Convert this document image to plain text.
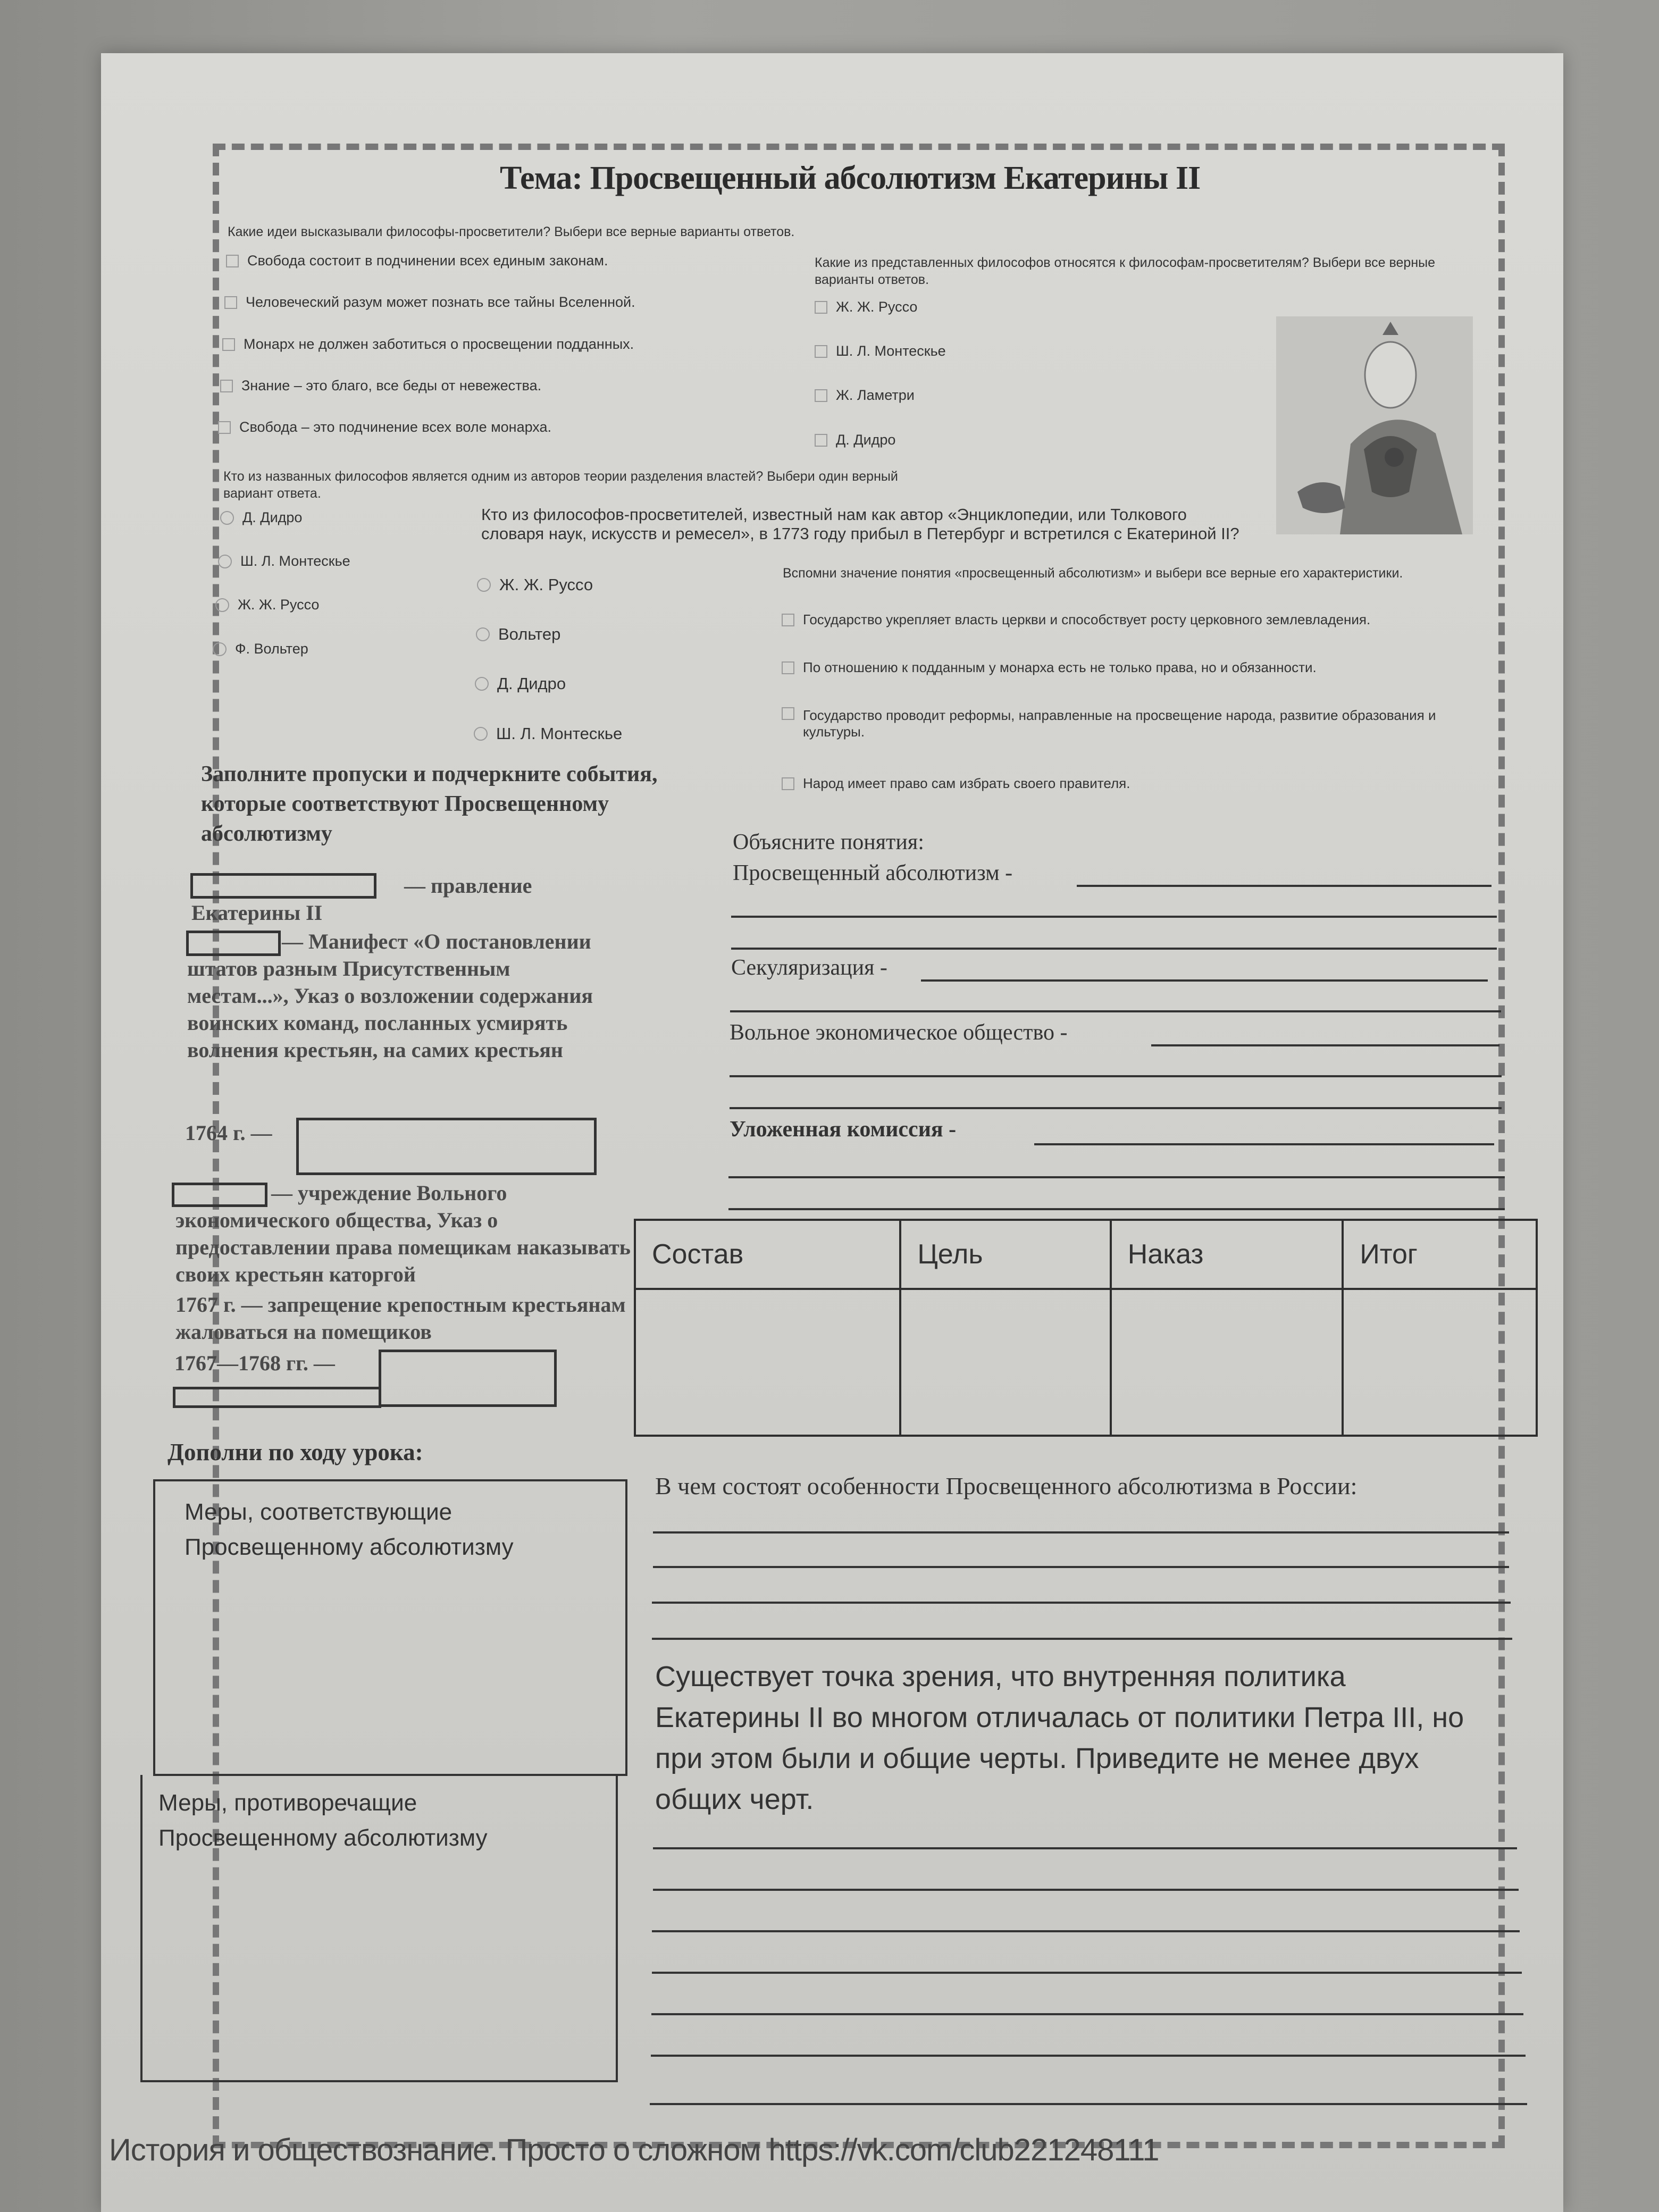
Тема: Просвещенный абсолютизм Екатерины II
Какие идеи высказывали философы-просветители? Выбери все верные варианты ответов.
Свобода состоит в подчинении всех единым законам.
Человеческий разум может познать все тайны Вселенной.
Монарх не должен заботиться о просвещении подданных.
Знание – это благо, все беды от невежества.
Свобода – это подчинение всех воле монарха.
Какие из представленных философов относятся к философам-просветителям? Выбери все верные варианты ответов.
Ж. Ж. Руссо
Ш. Л. Монтескье
Ж. Ламетри
Д. Дидро
Кто из названных философов является одним из авторов теории разделения властей? Выбери один верный вариант ответа.
Д. Дидро
Ш. Л. Монтескье
Ж. Ж. Руссо
Ф. Вольтер
Кто из философов-просветителей, известный нам как автор «Энциклопедии, или Толкового словаря наук, искусств и ремесел», в 1773 году прибыл в Петербург и встретился с Екатериной II?
Ж. Ж. Руссо
Вольтер
Д. Дидро
Ш. Л. Монтескье
Вспомни значение понятия «просвещенный абсолютизм» и выбери все верные его характеристики.
Государство укрепляет власть церкви и способствует росту церковного землевладения.
По отношению к подданным у монарха есть не только права, но и обязанности.
Государство проводит реформы, направленные на просвещение народа, развитие образования и культуры.
Народ имеет право сам избрать своего правителя.
Заполните пропуски и подчеркните события, которые соответствуют Просвещенному абсолютизму
— правление Екатерины II
— Манифест «О постановлении штатов разным Присутственным местам...», Указ о возложении содержания воинских команд, посланных усмирять волнения крестьян, на самих крестьян
1764 г. —
— учреждение Вольного экономического общества, Указ о предоставлении права помещикам наказывать своих крестьян каторгой
1767 г. — запрещение крепостным крестьянам жаловаться на помещиков
1767—1768 гг. —
Объясните понятия:
Просвещенный абсолютизм -
Секуляризация -
Вольное экономическое общество -
Уложенная комиссия -
Состав	Цель	Наказ	Итог

Дополни по ходу урока:
Меры, соответствующие Просвещенному абсолютизму
Меры, противоречащие Просвещенному абсолютизму
В чем состоят особенности Просвещенного абсолютизма в России:
Существует точка зрения, что внутренняя политика Екатерины II во многом отличалась от политики Петра III, но при этом были и общие черты. Приведите не менее двух общих черт.
История и обществознание. Просто о сложном https://vk.com/club221248111
